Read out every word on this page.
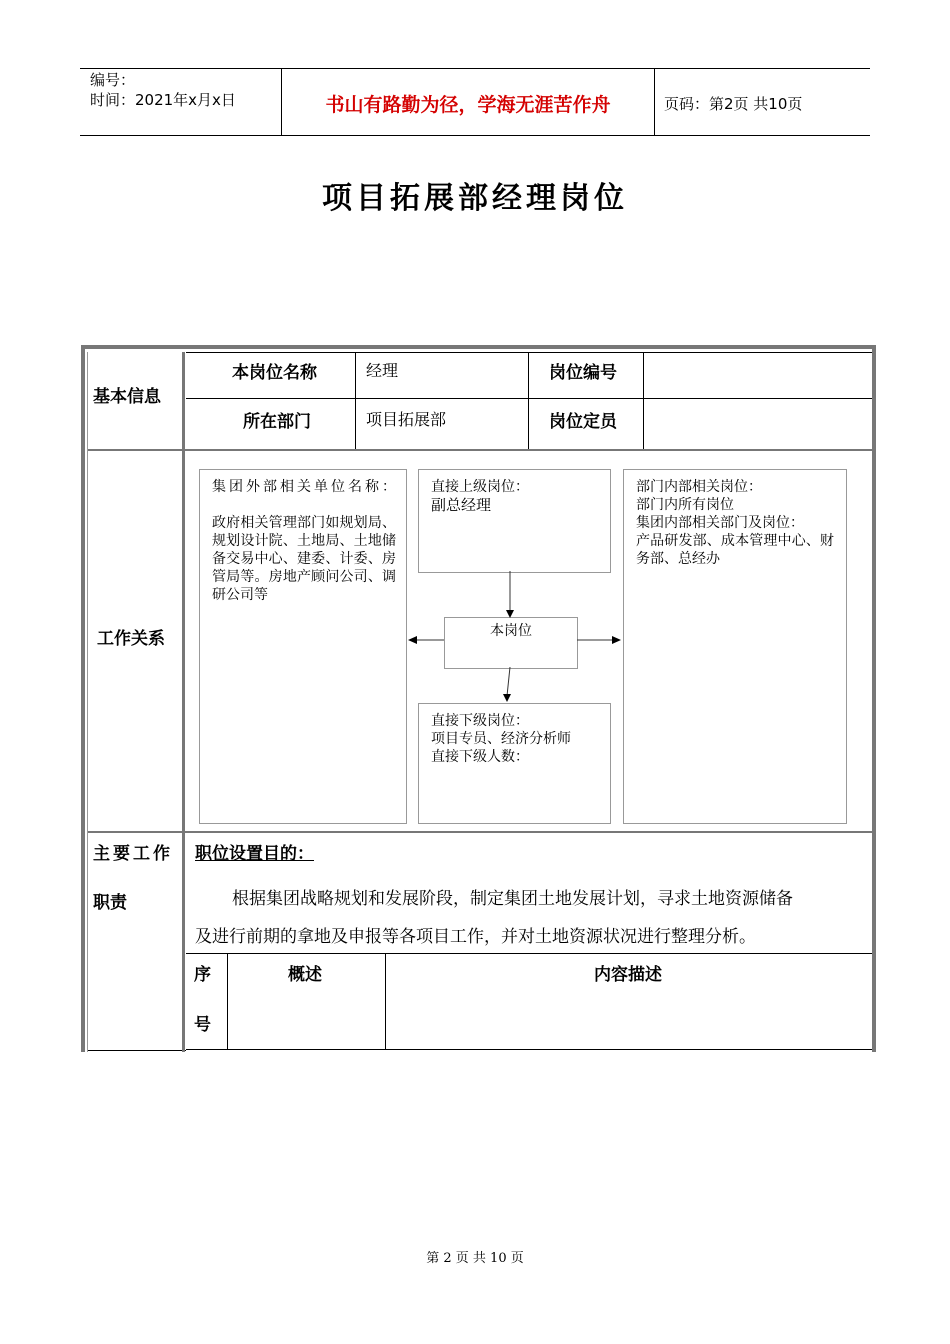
编号：
时间：2021年x月x日	书山有路勤为径，学海无涯苦作舟	页码：第2页 共10页
项目拓展部经理岗位
基本信息
本岗位名称	经理	岗位编号
所在部门	项目拓展部	岗位定员
工作关系
集团外部相关单位名称：
政府相关管理部门如规划局、规划设计院、土地局、土地储备交易中心、建委、计委、房管局等。房地产顾问公司、调研公司等
直接上级岗位：
副总经理
本岗位
直接下级岗位：
项目专员、经济分析师
直接下级人数：
部门内部相关岗位：
部门内所有岗位
集团内部相关部门及岗位：
产品研发部、成本管理中心、财务部、总经办
主要工作
职责
职位设置目的：
根据集团战略规划和发展阶段，制定集团土地发展计划，寻求土地资源储备
及进行前期的拿地及申报等各项目工作，并对土地资源状况进行整理分析。
序
号
概述	内容描述
第 2 页 共 10 页
